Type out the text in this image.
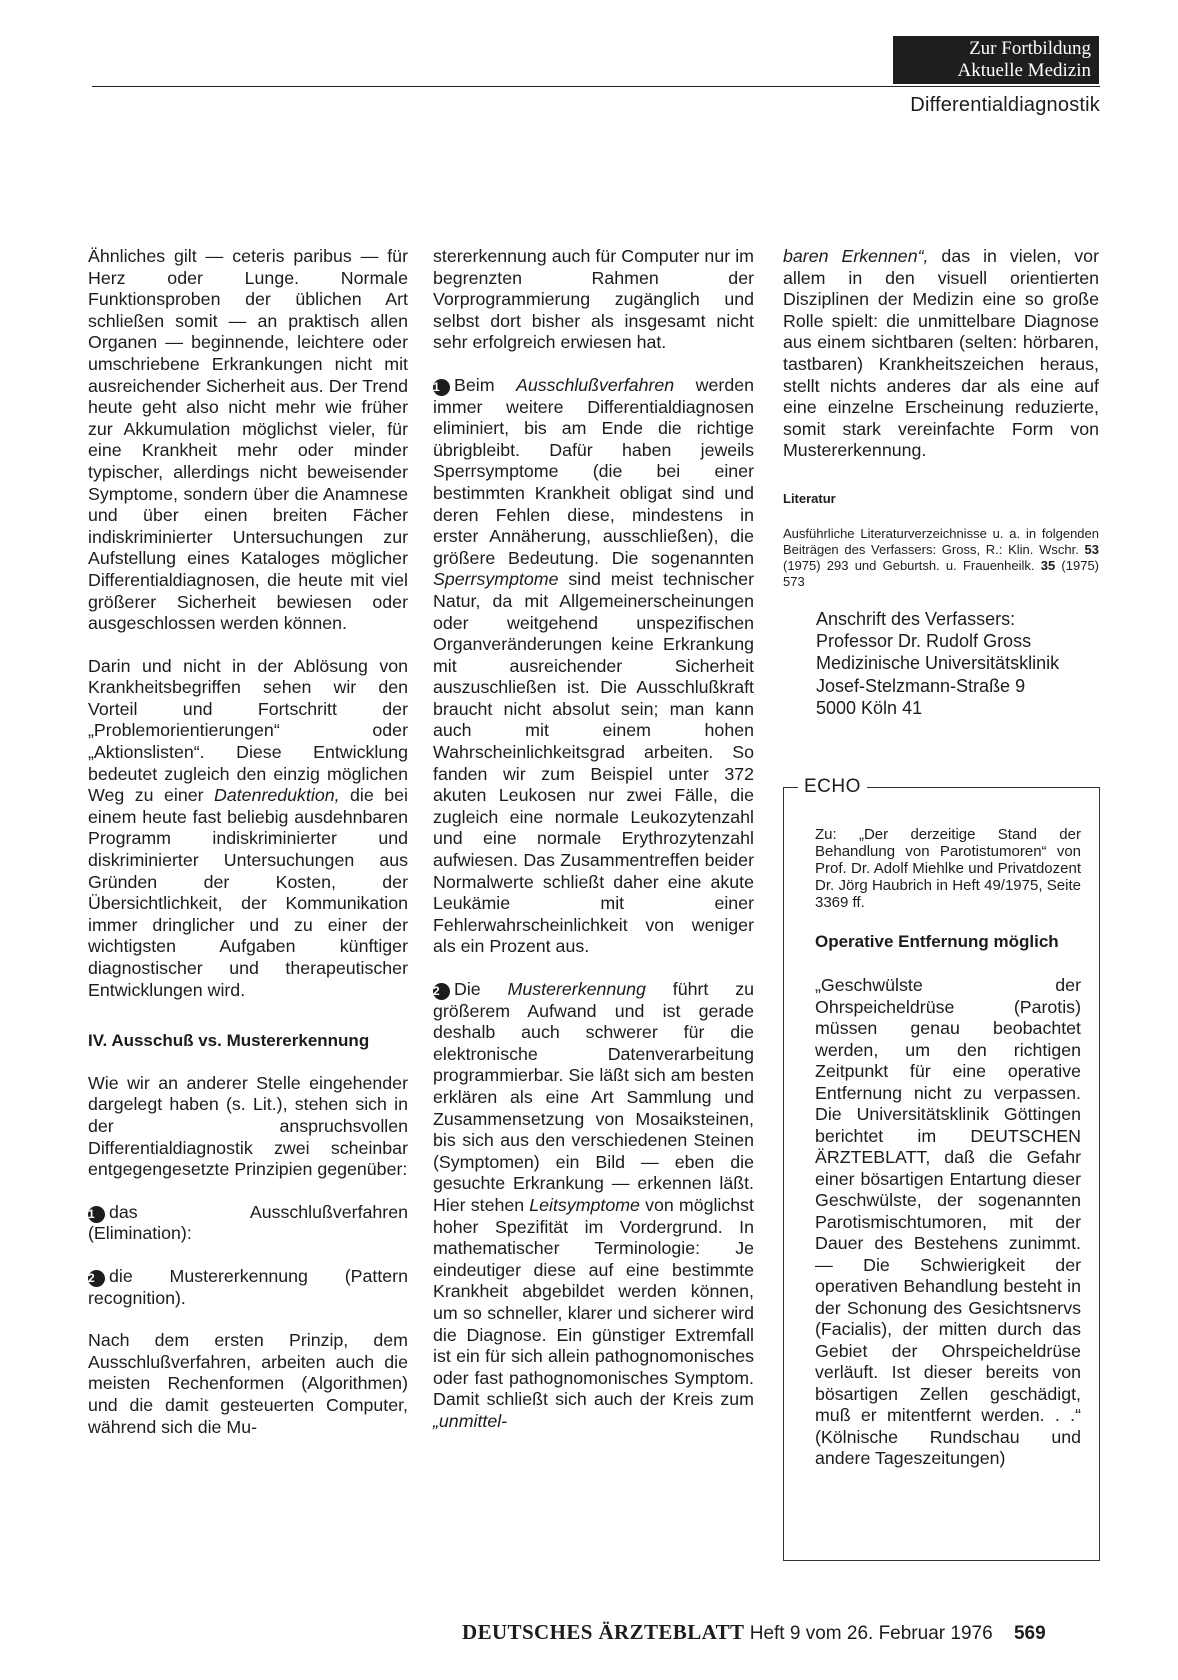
Zur Fortbildung
Aktuelle Medizin
Differentialdiagnostik

Ähnliches gilt — ceteris paribus — für Herz oder Lunge. Normale Funktionsproben der üblichen Art schließen somit — an praktisch allen Organen — beginnende, leichtere oder umschriebene Erkrankungen nicht mit ausreichender Sicherheit aus. Der Trend heute geht also nicht mehr wie früher zur Akkumulation möglichst vieler, für eine Krankheit mehr oder minder typischer, allerdings nicht beweisender Symptome, sondern über die Anamnese und über einen breiten Fächer indiskriminierter Untersuchungen zur Aufstellung eines Kataloges möglicher Differentialdiagnosen, die heute mit viel größerer Sicherheit bewiesen oder ausgeschlossen werden können.

Darin und nicht in der Ablösung von Krankheitsbegriffen sehen wir den Vorteil und Fortschritt der „Problemorientierungen“ oder „Aktionslisten“. Diese Entwicklung bedeutet zugleich den einzig möglichen Weg zu einer Datenreduktion, die bei einem heute fast beliebig ausdehnbaren Programm indiskriminierter und diskriminierter Untersuchungen aus Gründen der Kosten, der Übersichtlichkeit, der Kommunikation immer dringlicher und zu einer der wichtigsten Aufgaben künftiger diagnostischer und therapeutischer Entwicklungen wird.

IV. Ausschuß vs. Mustererkennung

Wie wir an anderer Stelle eingehender dargelegt haben (s. Lit.), stehen sich in der anspruchsvollen Differentialdiagnostik zwei scheinbar entgegengesetzte Prinzipien gegenüber:

1 das Ausschlußverfahren (Elimination):

2 die Mustererkennung (Pattern recognition).

Nach dem ersten Prinzip, dem Ausschlußverfahren, arbeiten auch die meisten Rechenformen (Algorithmen) und die damit gesteuerten Computer, während sich die Mu-

stererkennung auch für Computer nur im begrenzten Rahmen der Vorprogrammierung zugänglich und selbst dort bisher als insgesamt nicht sehr erfolgreich erwiesen hat.

1 Beim Ausschlußverfahren werden immer weitere Differentialdiagnosen eliminiert, bis am Ende die richtige übrigbleibt. Dafür haben jeweils Sperrsymptome (die bei einer bestimmten Krankheit obligat sind und deren Fehlen diese, mindestens in erster Annäherung, ausschließen), die größere Bedeutung. Die sogenannten Sperrsymptome sind meist technischer Natur, da mit Allgemeinerscheinungen oder weitgehend unspezifischen Organveränderungen keine Erkrankung mit ausreichender Sicherheit auszuschließen ist. Die Ausschlußkraft braucht nicht absolut sein; man kann auch mit einem hohen Wahrscheinlichkeitsgrad arbeiten. So fanden wir zum Beispiel unter 372 akuten Leukosen nur zwei Fälle, die zugleich eine normale Leukozytenzahl und eine normale Erythrozytenzahl aufwiesen. Das Zusammentreffen beider Normalwerte schließt daher eine akute Leukämie mit einer Fehlerwahrscheinlichkeit von weniger als ein Prozent aus.

2 Die Mustererkennung führt zu größerem Aufwand und ist gerade deshalb auch schwerer für die elektronische Datenverarbeitung programmierbar. Sie läßt sich am besten erklären als eine Art Sammlung und Zusammensetzung von Mosaiksteinen, bis sich aus den verschiedenen Steinen (Symptomen) ein Bild — eben die gesuchte Erkrankung — erkennen läßt. Hier stehen Leitsymptome von möglichst hoher Spezifität im Vordergrund. In mathematischer Terminologie: Je eindeutiger diese auf eine bestimmte Krankheit abgebildet werden können, um so schneller, klarer und sicherer wird die Diagnose. Ein günstiger Extremfall ist ein für sich allein pathognomonisches oder fast pathognomonisches Symptom. Damit schließt sich auch der Kreis zum „unmittel-

baren Erkennen“, das in vielen, vor allem in den visuell orientierten Disziplinen der Medizin eine so große Rolle spielt: die unmittelbare Diagnose aus einem sichtbaren (selten: hörbaren, tastbaren) Krankheitszeichen heraus, stellt nichts anderes dar als eine auf eine einzelne Erscheinung reduzierte, somit stark vereinfachte Form von Mustererkennung.

Literatur

Ausführliche Literaturverzeichnisse u. a. in folgenden Beiträgen des Verfassers: Gross, R.: Klin. Wschr. 53 (1975) 293 und Geburtsh. u. Frauenheilk. 35 (1975) 573

Anschrift des Verfassers:
Professor Dr. Rudolf Gross
Medizinische Universitätsklinik
Josef-Stelzmann-Straße 9
5000 Köln 41
ECHO

Zu: „Der derzeitige Stand der Behandlung von Parotistumoren“ von Prof. Dr. Adolf Miehlke und Privatdozent Dr. Jörg Haubrich in Heft 49/1975, Seite 3369 ff.

Operative Entfernung möglich

„Geschwülste der Ohrspeicheldrüse (Parotis) müssen genau beobachtet werden, um den richtigen Zeitpunkt für eine operative Entfernung nicht zu verpassen. Die Universitätsklinik Göttingen berichtet im DEUTSCHEN ÄRZTEBLATT, daß die Gefahr einer bösartigen Entartung dieser Geschwülste, der sogenannten Parotismischtumoren, mit der Dauer des Bestehens zunimmt. — Die Schwierigkeit der operativen Behandlung besteht in der Schonung des Gesichtsnervs (Facialis), der mitten durch das Gebiet der Ohrspeicheldrüse verläuft. Ist dieser bereits von bösartigen Zellen geschädigt, muß er mitentfernt werden. . .“ (Kölnische Rundschau und andere Tageszeitungen)

DEUTSCHES ÄRZTEBLATT Heft 9 vom 26. Februar 1976 569
